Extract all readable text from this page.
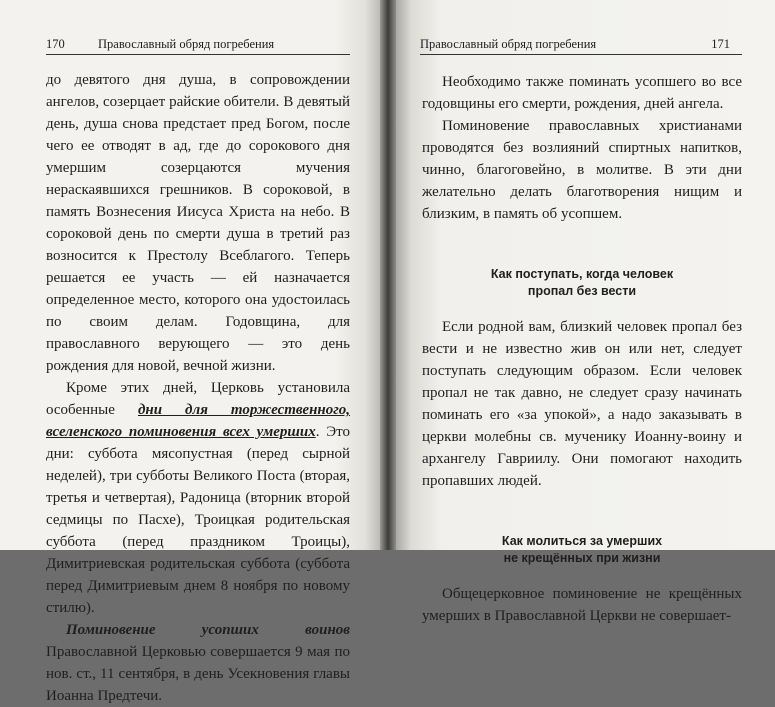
170	Православный обряд погребения

до девятого дня душа, в сопровождении ангелов, созерцает райские обители. В девятый день, душа снова предстает пред Богом, после чего ее отводят в ад, где до сорокового дня умершим созерцаются мучения нераскаявшихся грешников. В сороковой, в память Вознесения Иисуса Христа на небо. В сороковой день по смерти душа в третий раз возносится к Престолу Всеблагого. Теперь решается ее участь — ей назначается определенное место, которого она удостоилась по своим делам. Годовщина, для православного верующего — это день рождения для новой, вечной жизни.

Кроме этих дней, Церковь установила особенные дни для торжественного, вселенского поминовения всех умерших. Это дни: суббота мясопустная (перед сырной неделей), три субботы Великого Поста (вторая, третья и четвертая), Радоница (вторник второй седмицы по Пасхе), Троицкая родительская суббота (перед праздником Троицы), Димитриевская родительская суббота (суббота перед Димитриевым днем 8 ноября по новому стилю).

Поминовение усопших воинов Православной Церковью совершается 9 мая по нов. ст., 11 сентября, в день Усекновения главы Иоанна Предтечи.

Православный обряд погребения	171

Необходимо также поминать усопшего во все годовщины его смерти, рождения, дней ангела.

Поминовение православных христианами проводятся без возлияний спиртных напитков, чинно, благоговейно, в молитве. В эти дни желательно делать благотворения нищим и близким, в память об усопшем.

Как поступать, когда человек
пропал без вести

Если родной вам, близкий человек пропал без вести и не известно жив он или нет, следует поступать следующим образом. Если человек пропал не так давно, не следует сразу начинать поминать его «за упокой», а надо заказывать в церкви молебны св. мученику Иоанну-воину и архангелу Гавриилу. Они помогают находить пропавших людей.

Как молиться за умерших
не крещённых при жизни

Общецерковное поминовение не крещённых умерших в Православной Церкви не совершает-
